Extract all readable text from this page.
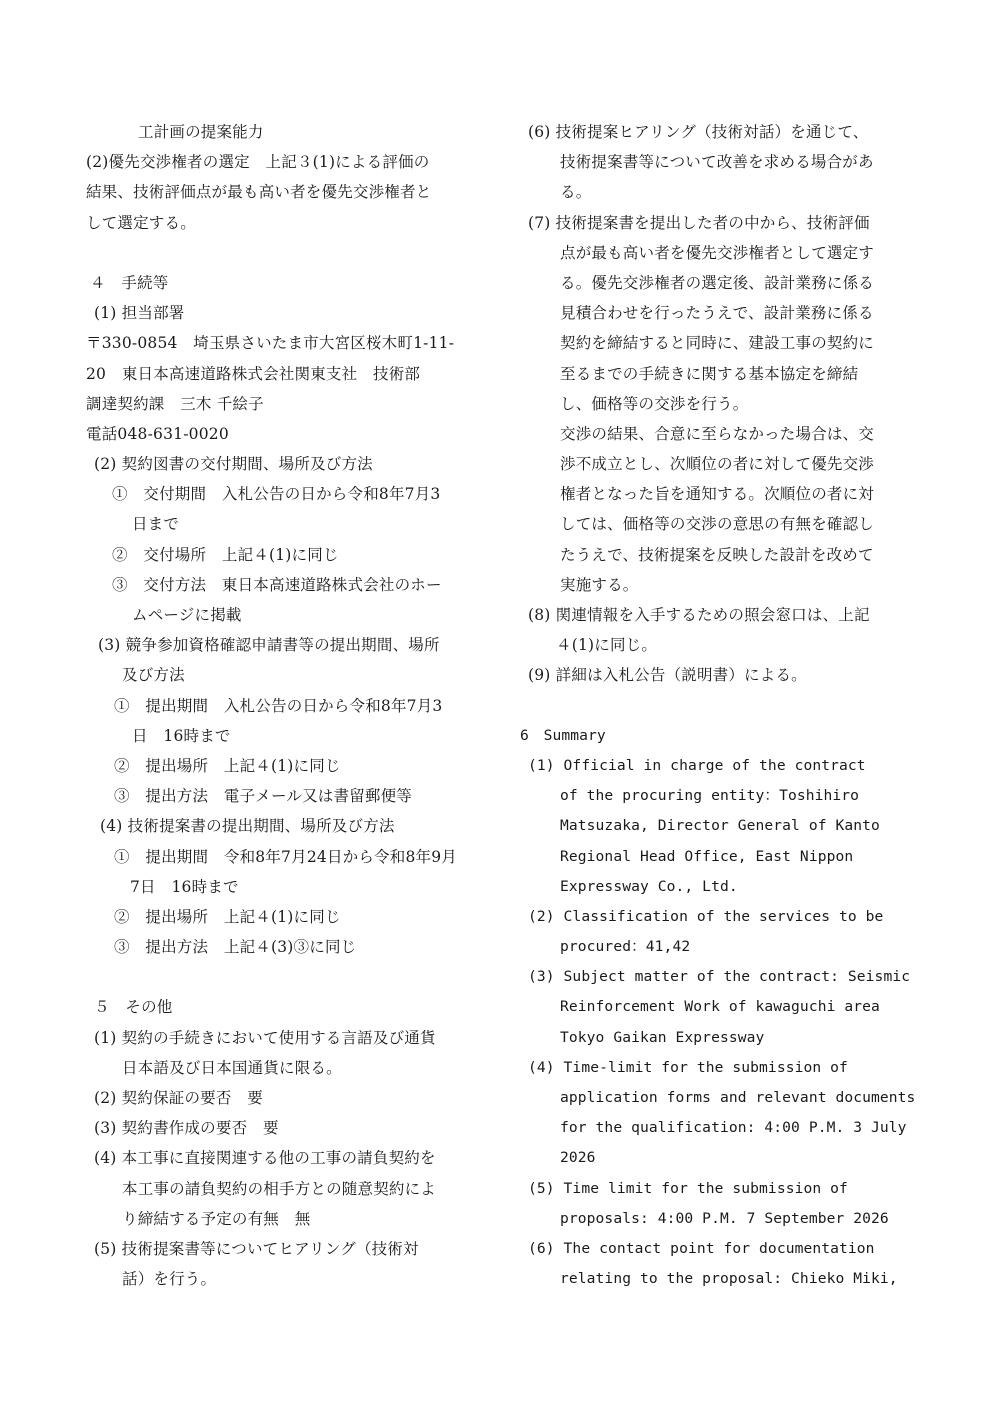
工計画の提案能力
(2)優先交渉権者の選定　上記３(1)による評価の
結果、技術評価点が最も高い者を優先交渉権者と
して選定する。
４　手続等
(1) 担当部署
〒330-0854　埼玉県さいたま市大宮区桜木町1-11-
20　東日本高速道路株式会社関東支社　技術部
調達契約課　三木 千絵子
電話048-631-0020
(2) 契約図書の交付期間、場所及び方法
①　交付期間　入札公告の日から令和8年7月3
日まで
②　交付場所　上記４(1)に同じ
③　交付方法　東日本高速道路株式会社のホー
ムページに掲載
(3) 競争参加資格確認申請書等の提出期間、場所
及び方法
①　提出期間　入札公告の日から令和8年7月3
日　16時まで
②　提出場所　上記４(1)に同じ
③　提出方法　電子メール又は書留郵便等
(4) 技術提案書の提出期間、場所及び方法
①　提出期間　令和8年7月24日から令和8年9月
7日　16時まで
②　提出場所　上記４(1)に同じ
③　提出方法　上記４(3)③に同じ
５　その他
(1) 契約の手続きにおいて使用する言語及び通貨
日本語及び日本国通貨に限る。
(2) 契約保証の要否　要
(3) 契約書作成の要否　要
(4) 本工事に直接関連する他の工事の請負契約を
本工事の請負契約の相手方との随意契約によ
り締結する予定の有無　無
(5) 技術提案書等についてヒアリング（技術対
話）を行う。
(6) 技術提案ヒアリング（技術対話）を通じて、
技術提案書等について改善を求める場合があ
る。
(7) 技術提案書を提出した者の中から、技術評価
点が最も高い者を優先交渉権者として選定す
る。優先交渉権者の選定後、設計業務に係る
見積合わせを行ったうえで、設計業務に係る
契約を締結すると同時に、建設工事の契約に
至るまでの手続きに関する基本協定を締結
し、価格等の交渉を行う。
交渉の結果、合意に至らなかった場合は、交
渉不成立とし、次順位の者に対して優先交渉
権者となった旨を通知する。次順位の者に対
しては、価格等の交渉の意思の有無を確認し
たうえで、技術提案を反映した設計を改めて
実施する。
(8) 関連情報を入手するための照会窓口は、上記
４(1)に同じ。
(9) 詳細は入札公告（説明書）による。
6　Summary
(1) Official in charge of the contract
of the procuring entity：Toshihiro
Matsuzaka, Director General of Kanto
Regional Head Office, East Nippon
Expressway Co., Ltd.
(2) Classification of the services to be
procured：41,42
(3) Subject matter of the contract: Seismic
Reinforcement Work of kawaguchi area
Tokyo Gaikan Expressway
(4) Time-limit for the submission of
application forms and relevant documents
for the qualification: 4:00 P.M. 3 July
2026
(5) Time limit for the submission of
proposals: 4:00 P.M. 7 September 2026
(6) The contact point for documentation
relating to the proposal: Chieko Miki,
